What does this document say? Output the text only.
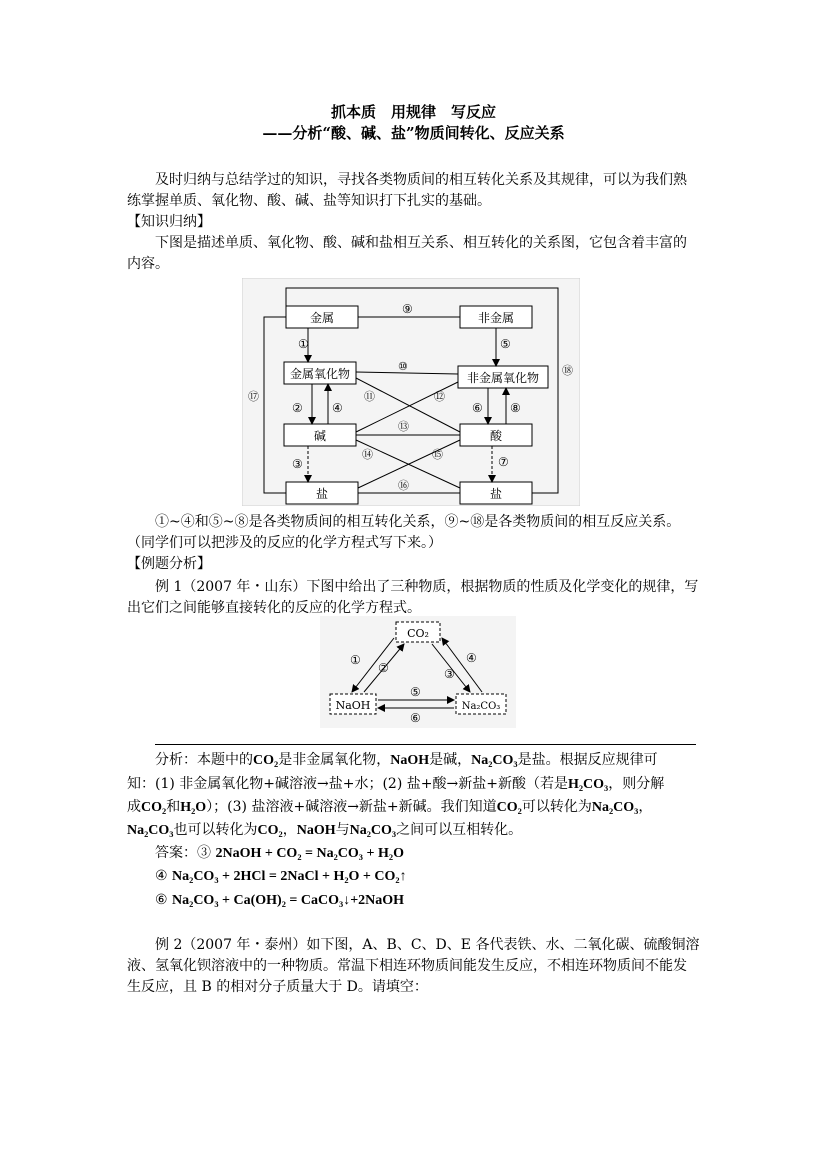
抓本质　用规律　写反应
——分析“酸、碱、盐”物质间转化、反应关系
及时归纳与总结学过的知识，寻找各类物质间的相互转化关系及其规律，可以为我们熟
练掌握单质、氧化物、酸、碱、盐等知识打下扎实的基础。
【知识归纳】
下图是描述单质、氧化物、酸、碱和盐相互关系、相互转化的关系图，它包含着丰富的
内容。
金属	非金属
金属氧化物	非金属氧化物
碱	酸
盐	盐
⑨
①	⑤
⑩	⑱
⑰	⑪	⑫
② ④	⑥ ⑧
⑬
⑭	⑮
③	⑦
⑯
①~④和⑤~⑧是各类物质间的相互转化关系，⑨~⑱是各类物质间的相互反应关系。
（同学们可以把涉及的反应的化学方程式写下来。）
【例题分析】
例 1（2007 年・山东）下图中给出了三种物质，根据物质的性质及化学变化的规律，写
出它们之间能够直接转化的反应的化学方程式。
CO₂
NaOH	Na₂CO₃
①
②	③
④
⑤
⑥
分析：本题中的CO₂是非金属氧化物，NaOH是碱，Na₂CO₃是盐。根据反应规律可
知：(1) 非金属氧化物+碱溶液→盐+水；(2) 盐+酸→新盐+新酸（若是H₂CO₃，则分解
成CO₂和H₂O）；(3) 盐溶液+碱溶液→新盐+新碱。我们知道CO₂可以转化为Na₂CO₃，
Na₂CO₃也可以转化为CO₂，NaOH与Na₂CO₃之间可以互相转化。
答案：③ 2NaOH + CO₂ = Na₂CO₃ + H₂O
④ Na₂CO₃ + 2HCl = 2NaCl + H₂O + CO₂↑
⑥ Na₂CO₃ + Ca(OH)₂ = CaCO₃↓+2NaOH
例 2（2007 年・泰州）如下图，A、B、C、D、E 各代表铁、水、二氧化碳、硫酸铜溶
液、氢氧化钡溶液中的一种物质。常温下相连环物质间能发生反应，不相连环物质间不能发
生反应，且 B 的相对分子质量大于 D。请填空：
